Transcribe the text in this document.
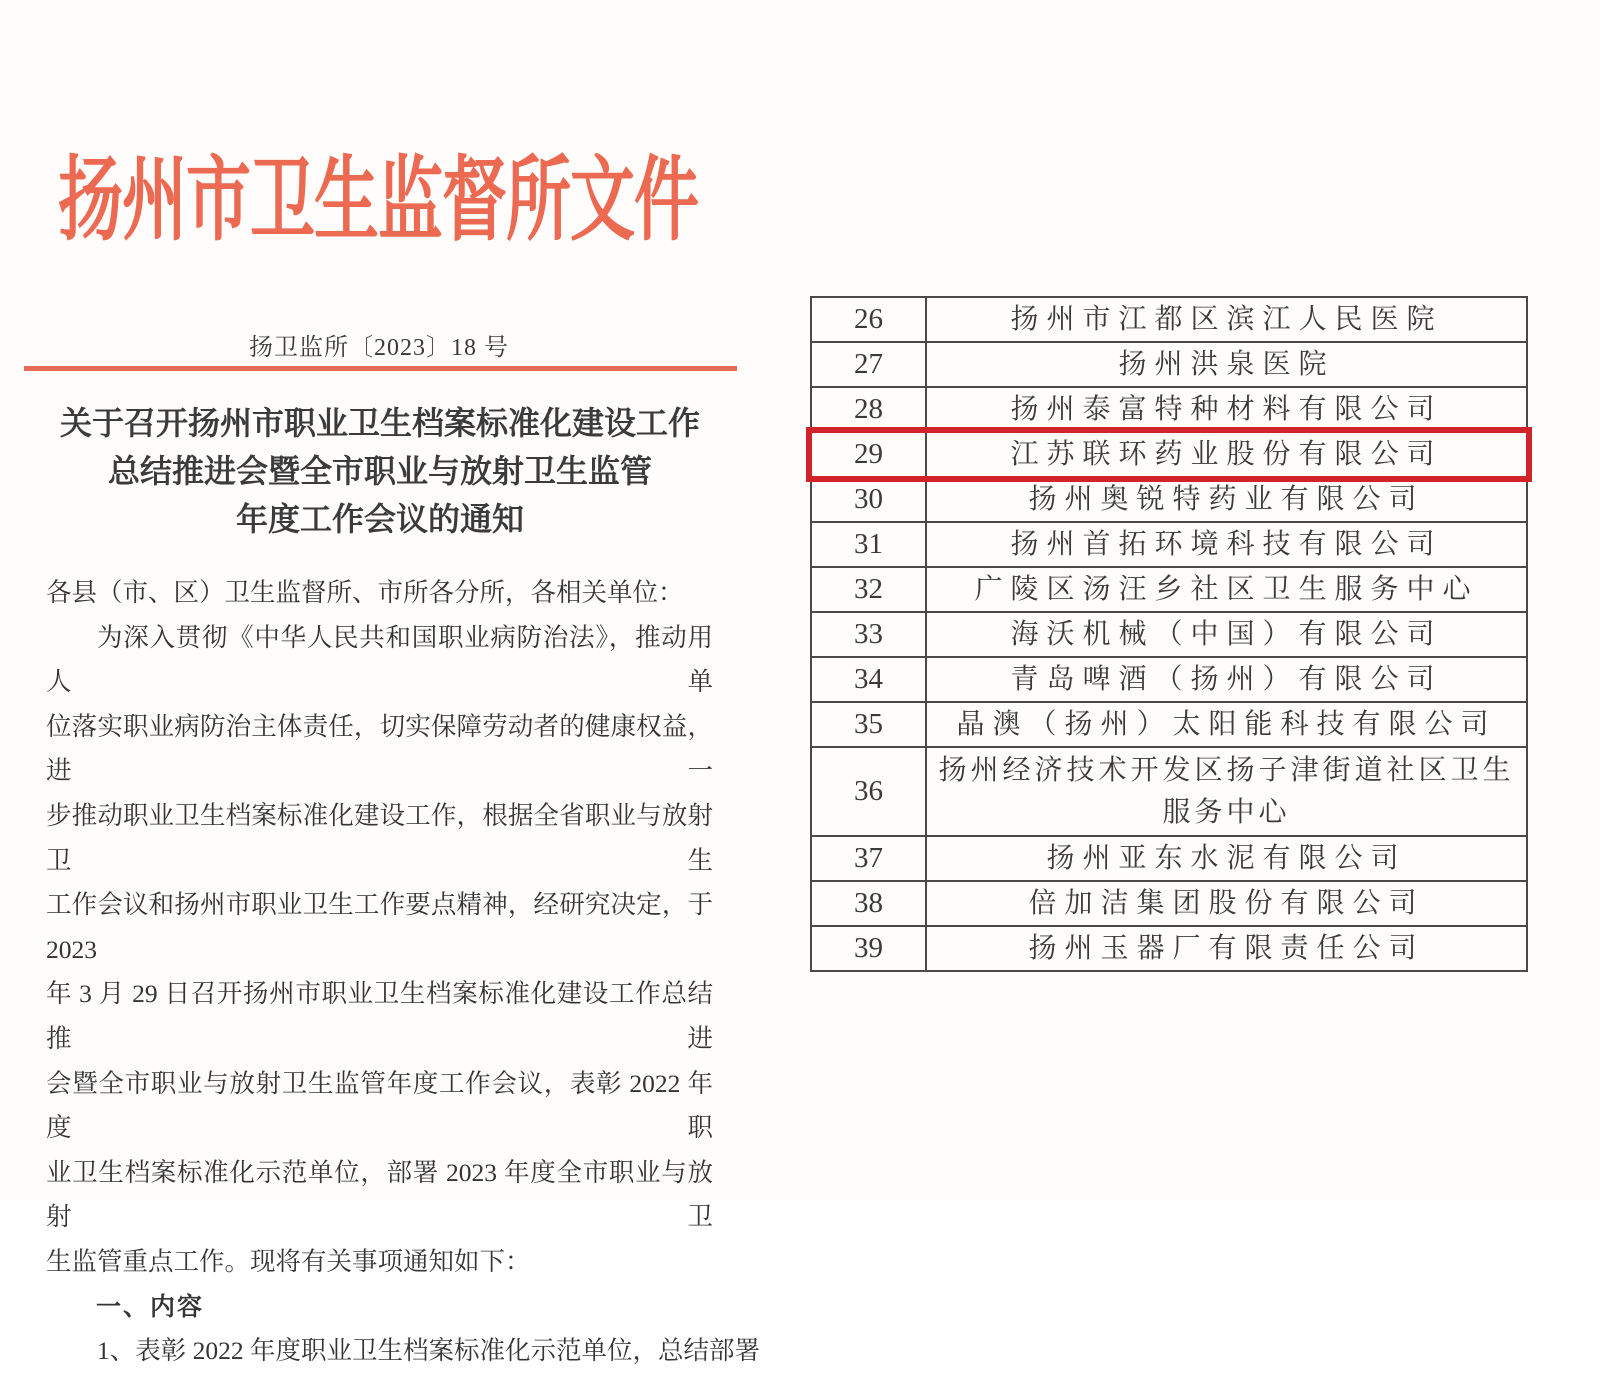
扬州市卫生监督所文件
扬卫监所〔2023〕18 号
关于召开扬州市职业卫生档案标准化建设工作
总结推进会暨全市职业与放射卫生监管
年度工作会议的通知
各县（市、区）卫生监督所、市所各分所，各相关单位：
为深入贯彻《中华人民共和国职业病防治法》，推动用人单
位落实职业病防治主体责任，切实保障劳动者的健康权益，进一
步推动职业卫生档案标准化建设工作，根据全省职业与放射卫生
工作会议和扬州市职业卫生工作要点精神，经研究决定，于 2023
年 3 月 29 日召开扬州市职业卫生档案标准化建设工作总结推进
会暨全市职业与放射卫生监管年度工作会议，表彰 2022 年度职
业卫生档案标准化示范单位，部署 2023 年度全市职业与放射卫
生监管重点工作。现将有关事项通知如下：
一、内容
1、表彰 2022 年度职业卫生档案标准化示范单位，总结部署
26	扬州市江都区滨江人民医院
27	扬州洪泉医院
28	扬州泰富特种材料有限公司
29	江苏联环药业股份有限公司
30	扬州奥锐特药业有限公司
31	扬州首拓环境科技有限公司
32	广陵区汤汪乡社区卫生服务中心
33	海沃机械（中国）有限公司
34	青岛啤酒（扬州）有限公司
35	晶澳（扬州）太阳能科技有限公司
36	扬州经济技术开发区扬子津街道社区卫生服务中心
37	扬州亚东水泥有限公司
38	倍加洁集团股份有限公司
39	扬州玉器厂有限责任公司
